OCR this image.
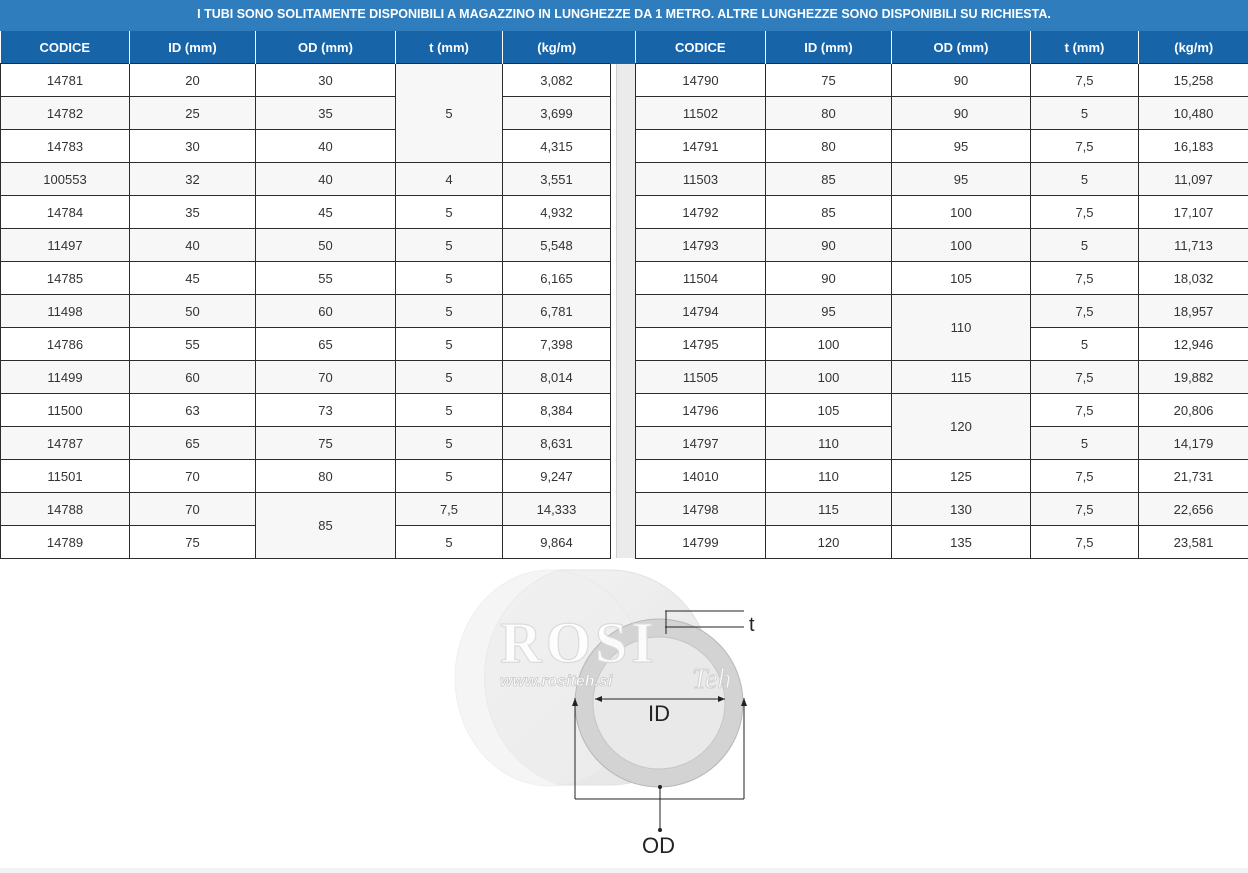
I TUBI SONO SOLITAMENTE DISPONIBILI A MAGAZZINO IN LUNGHEZZE DA 1 METRO. ALTRE LUNGHEZZE SONO DISPONIBILI SU RICHIESTA.
CODICE	ID (mm)	OD (mm)	t (mm)	(kg/m)
14781	20	30	5	3,082
14782	25	35		3,699
14783	30	40		4,315
100553	32	40	4	3,551
14784	35	45	5	4,932
11497	40	50	5	5,548
14785	45	55	5	6,165
11498	50	60	5	6,781
14786	55	65	5	7,398
11499	60	70	5	8,014
11500	63	73	5	8,384
14787	65	75	5	8,631
11501	70	80	5	9,247
14788	70	85	7,5	14,333
14789	75		5	9,864
CODICE	ID (mm)	OD (mm)	t (mm)	(kg/m)
14790	75	90	7,5	15,258
11502	80	90	5	10,480
14791	80	95	7,5	16,183
11503	85	95	5	11,097
14792	85	100	7,5	17,107
14793	90	100	5	11,713
11504	90	105	7,5	18,032
14794	95	110	7,5	18,957
14795	100		5	12,946
11505	100	115	7,5	19,882
14796	105	120	7,5	20,806
14797	110		5	14,179
14010	110	125	7,5	21,731
14798	115	130	7,5	22,656
14799	120	135	7,5	23,581
ROSI
Teh
www.rositeh.si
t
ID
OD
